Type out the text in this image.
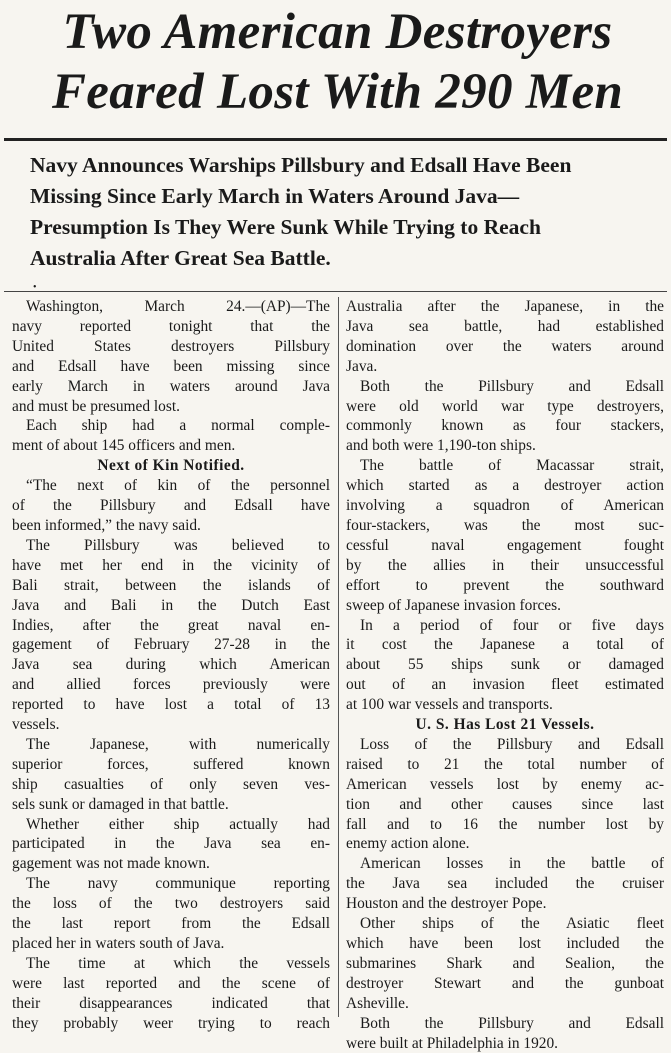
Two American Destroyers
Feared Lost With 290 Men
Navy Announces Warships Pillsbury and Edsall Have Been
Missing Since Early March in Waters Around Java—
Presumption Is They Were Sunk While Trying to Reach
Australia After Great Sea Battle.
•
Washington, March 24.—(AP)—The
navy reported tonight that the
United States destroyers Pillsbury
and Edsall have been missing since
early March in waters around Java
and must be presumed lost.
Each ship had a normal comple-
ment of about 145 officers and men.
Next of Kin Notified.
“The next of kin of the personnel
of the Pillsbury and Edsall have
been informed,” the navy said.
The Pillsbury was believed to
have met her end in the vicinity of
Bali strait, between the islands of
Java and Bali in the Dutch East
Indies, after the great naval en-
gagement of February 27-28 in the
Java sea during which American
and allied forces previously were
reported to have lost a total of 13
vessels.
The Japanese, with numerically
superior forces, suffered known
ship casualties of only seven ves-
sels sunk or damaged in that battle.
Whether either ship actually had
participated in the Java sea en-
gagement was not made known.
The navy communique reporting
the loss of the two destroyers said
the last report from the Edsall
placed her in waters south of Java.
The time at which the vessels
were last reported and the scene of
their disappearances indicated that
they probably weer trying to reach
Australia after the Japanese, in the
Java sea battle, had established
domination over the waters around
Java.
Both the Pillsbury and Edsall
were old world war type destroyers,
commonly known as four stackers,
and both were 1,190-ton ships.
The battle of Macassar strait,
which started as a destroyer action
involving a squadron of American
four-stackers, was the most suc-
cessful naval engagement fought
by the allies in their unsuccessful
effort to prevent the southward
sweep of Japanese invasion forces.
In a period of four or five days
it cost the Japanese a total of
about 55 ships sunk or damaged
out of an invasion fleet estimated
at 100 war vessels and transports.
U. S. Has Lost 21 Vessels.
Loss of the Pillsbury and Edsall
raised to 21 the total number of
American vessels lost by enemy ac-
tion and other causes since last
fall and to 16 the number lost by
enemy action alone.
American losses in the battle of
the Java sea included the cruiser
Houston and the destroyer Pope.
Other ships of the Asiatic fleet
which have been lost included the
submarines Shark and Sealion, the
destroyer Stewart and the gunboat
Asheville.
Both the Pillsbury and Edsall
were built at Philadelphia in 1920.
